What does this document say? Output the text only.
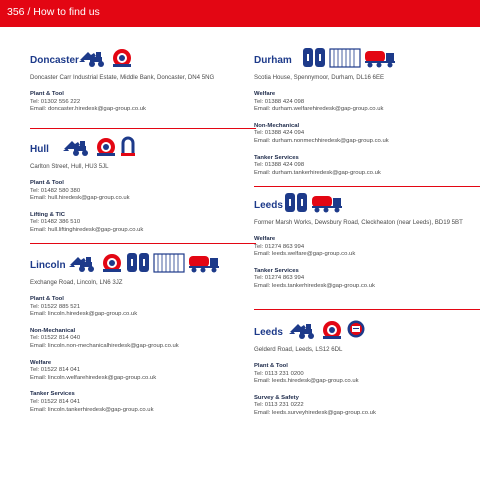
356 / How to find us
Doncaster
Doncaster Carr Industrial Estate, Middle Bank, Doncaster, DN4 5NG
Plant & Tool
Tel: 01302 556 222
Email: doncaster.hiredesk@gap-group.co.uk
Hull
Carlton Street, Hull, HU3 5JL
Plant & Tool
Tel: 01482 580 380
Email: hull.hiredesk@gap-group.co.uk
Lifting & TIC
Tel: 01482 386 510
Email: hull.liftinghiredesk@gap-group.co.uk
Lincoln
Exchange Road, Lincoln, LN6 3JZ
Plant & Tool
Tel: 01522 885 521
Email: lincoln.hiredesk@gap-group.co.uk
Non-Mechanical
Tel: 01522 814 040
Email: lincoln.non-mechanicalhiredesk@gap-group.co.uk
Welfare
Tel: 01522 814 041
Email: lincoln.welfarehiredesk@gap-group.co.uk
Tanker Services
Tel: 01522 814 041
Email: lincoln.tankerhiredesk@gap-group.co.uk
Durham
Scotia House, Spennymoor, Durham, DL16 6EE
Welfare
Tel: 01388 424 098
Email: durham.welfarehiredesk@gap-group.co.uk
Non-Mechanical
Tel: 01388 424 094
Email: durham.nonmechhiredesk@gap-group.co.uk
Tanker Services
Tel: 01388 424 098
Email: durham.tankerhiredesk@gap-group.co.uk
Leeds
Former Marsh Works, Dewsbury Road, Cleckheaton (near Leeds), BD19 5BT
Welfare
Tel: 01274 863 994
Email: leeds.welfare@gap-group.co.uk
Tanker Services
Tel: 01274 863 994
Email: leeds.tankerhiredesk@gap-group.co.uk
Leeds
Gelderd Road, Leeds, LS12 6DL
Plant & Tool
Tel: 0113 231 0200
Email: leeds.hiredesk@gap-group.co.uk
Survey & Safety
Tel: 0113 231 0222
Email: leeds.surveyhiredesk@gap-group.co.uk
